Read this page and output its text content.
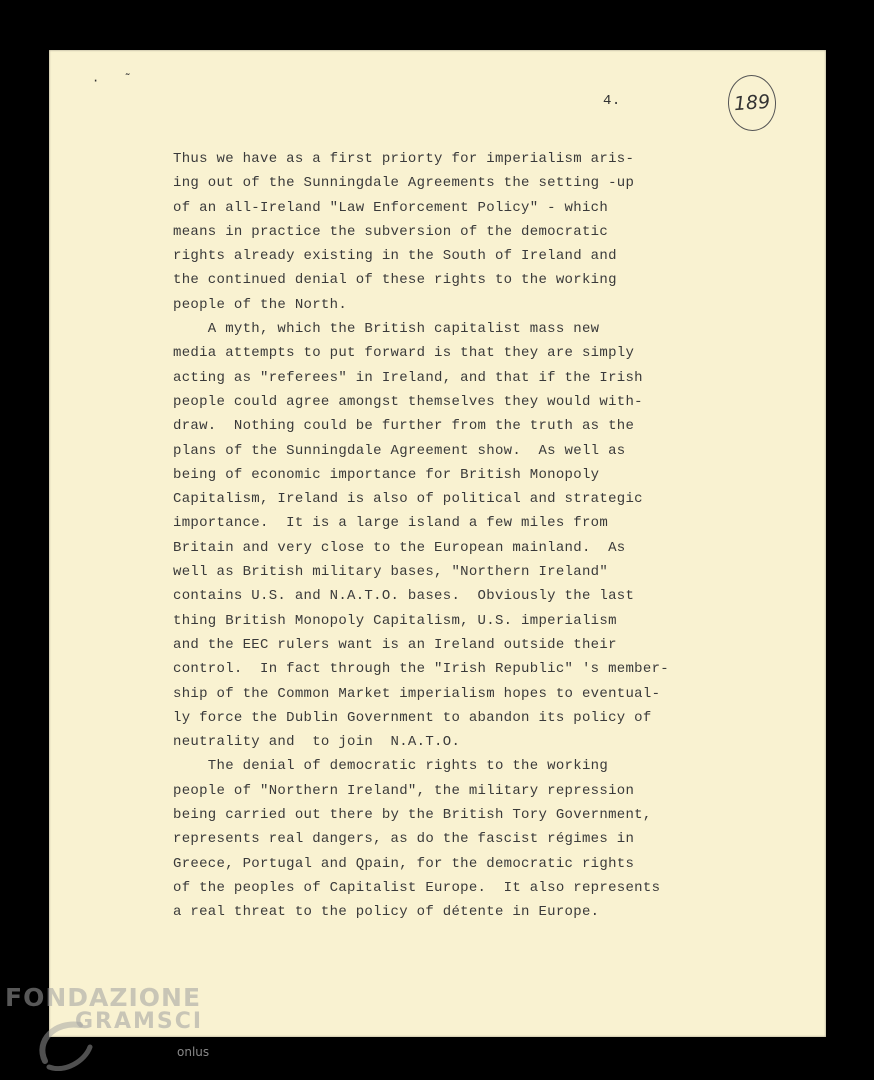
· ˜
4.	189
Thus we have as a first priorty for imperialism aris-
ing out of the Sunningdale Agreements the setting -up
of an all-Ireland "Law Enforcement Policy" - which
means in practice the subversion of the democratic
rights already existing in the South of Ireland and
the continued denial of these rights to the working
people of the North.
A myth, which the British capitalist mass new
media attempts to put forward is that they are simply
acting as "referees" in Ireland, and that if the Irish
people could agree amongst themselves they would with-
draw.  Nothing could be further from the truth as the
plans of the Sunningdale Agreement show.  As well as
being of economic importance for British Monopoly
Capitalism, Ireland is also of political and strategic
importance.  It is a large island a few miles from
Britain and very close to the European mainland.  As
well as British military bases, "Northern Ireland"
contains U.S. and N.A.T.O. bases.  Obviously the last
thing British Monopoly Capitalism, U.S. imperialism
and the EEC rulers want is an Ireland outside their
control.  In fact through the "Irish Republic" 's member-
ship of the Common Market imperialism hopes to eventual-
ly force the Dublin Government to abandon its policy of
neutrality and  to join  N.A.T.O.
The denial of democratic rights to the working
people of "Northern Ireland", the military repression
being carried out there by the British Tory Government,
represents real dangers, as do the fascist régimes in
Greece, Portugal and Qpain, for the democratic rights
of the peoples of Capitalist Europe.  It also represents
a real threat to the policy of détente in Europe.
FONDAZIONE
GRAMSCI
onlus
